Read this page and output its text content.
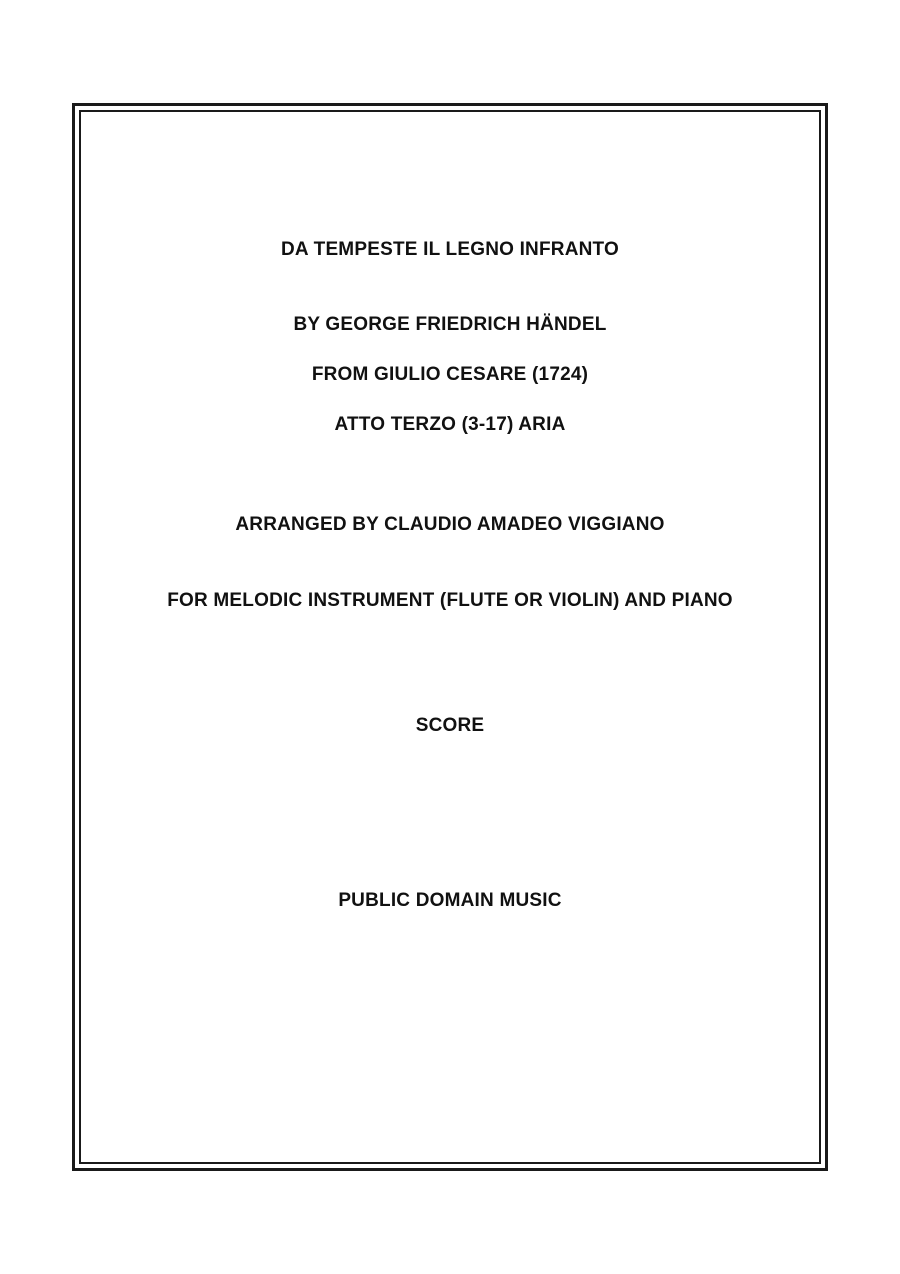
DA TEMPESTE IL LEGNO INFRANTO
BY GEORGE FRIEDRICH HÄNDEL
FROM GIULIO CESARE (1724)
ATTO TERZO (3-17) ARIA
ARRANGED BY CLAUDIO AMADEO VIGGIANO
FOR MELODIC INSTRUMENT (FLUTE OR VIOLIN) AND PIANO
SCORE
PUBLIC DOMAIN MUSIC
